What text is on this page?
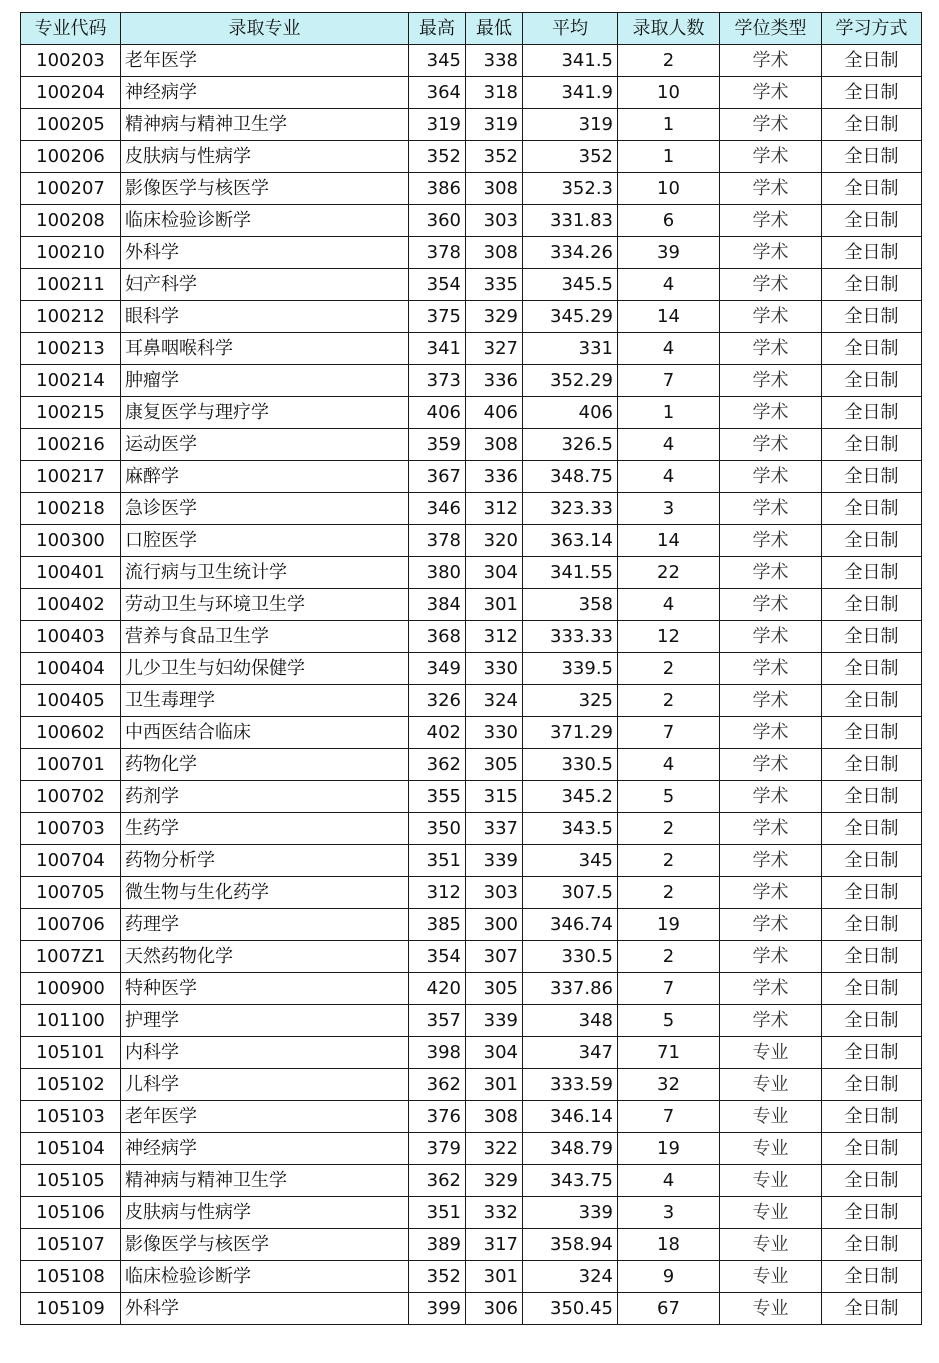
专业代码	录取专业	最高	最低	平均	录取人数	学位类型	学习方式
100203	老年医学	345	338	341.5	2	学术	全日制
100204	神经病学	364	318	341.9	10	学术	全日制
100205	精神病与精神卫生学	319	319	319	1	学术	全日制
100206	皮肤病与性病学	352	352	352	1	学术	全日制
100207	影像医学与核医学	386	308	352.3	10	学术	全日制
100208	临床检验诊断学	360	303	331.83	6	学术	全日制
100210	外科学	378	308	334.26	39	学术	全日制
100211	妇产科学	354	335	345.5	4	学术	全日制
100212	眼科学	375	329	345.29	14	学术	全日制
100213	耳鼻咽喉科学	341	327	331	4	学术	全日制
100214	肿瘤学	373	336	352.29	7	学术	全日制
100215	康复医学与理疗学	406	406	406	1	学术	全日制
100216	运动医学	359	308	326.5	4	学术	全日制
100217	麻醉学	367	336	348.75	4	学术	全日制
100218	急诊医学	346	312	323.33	3	学术	全日制
100300	口腔医学	378	320	363.14	14	学术	全日制
100401	流行病与卫生统计学	380	304	341.55	22	学术	全日制
100402	劳动卫生与环境卫生学	384	301	358	4	学术	全日制
100403	营养与食品卫生学	368	312	333.33	12	学术	全日制
100404	儿少卫生与妇幼保健学	349	330	339.5	2	学术	全日制
100405	卫生毒理学	326	324	325	2	学术	全日制
100602	中西医结合临床	402	330	371.29	7	学术	全日制
100701	药物化学	362	305	330.5	4	学术	全日制
100702	药剂学	355	315	345.2	5	学术	全日制
100703	生药学	350	337	343.5	2	学术	全日制
100704	药物分析学	351	339	345	2	学术	全日制
100705	微生物与生化药学	312	303	307.5	2	学术	全日制
100706	药理学	385	300	346.74	19	学术	全日制
1007Z1	天然药物化学	354	307	330.5	2	学术	全日制
100900	特种医学	420	305	337.86	7	学术	全日制
101100	护理学	357	339	348	5	学术	全日制
105101	内科学	398	304	347	71	专业	全日制
105102	儿科学	362	301	333.59	32	专业	全日制
105103	老年医学	376	308	346.14	7	专业	全日制
105104	神经病学	379	322	348.79	19	专业	全日制
105105	精神病与精神卫生学	362	329	343.75	4	专业	全日制
105106	皮肤病与性病学	351	332	339	3	专业	全日制
105107	影像医学与核医学	389	317	358.94	18	专业	全日制
105108	临床检验诊断学	352	301	324	9	专业	全日制
105109	外科学	399	306	350.45	67	专业	全日制
